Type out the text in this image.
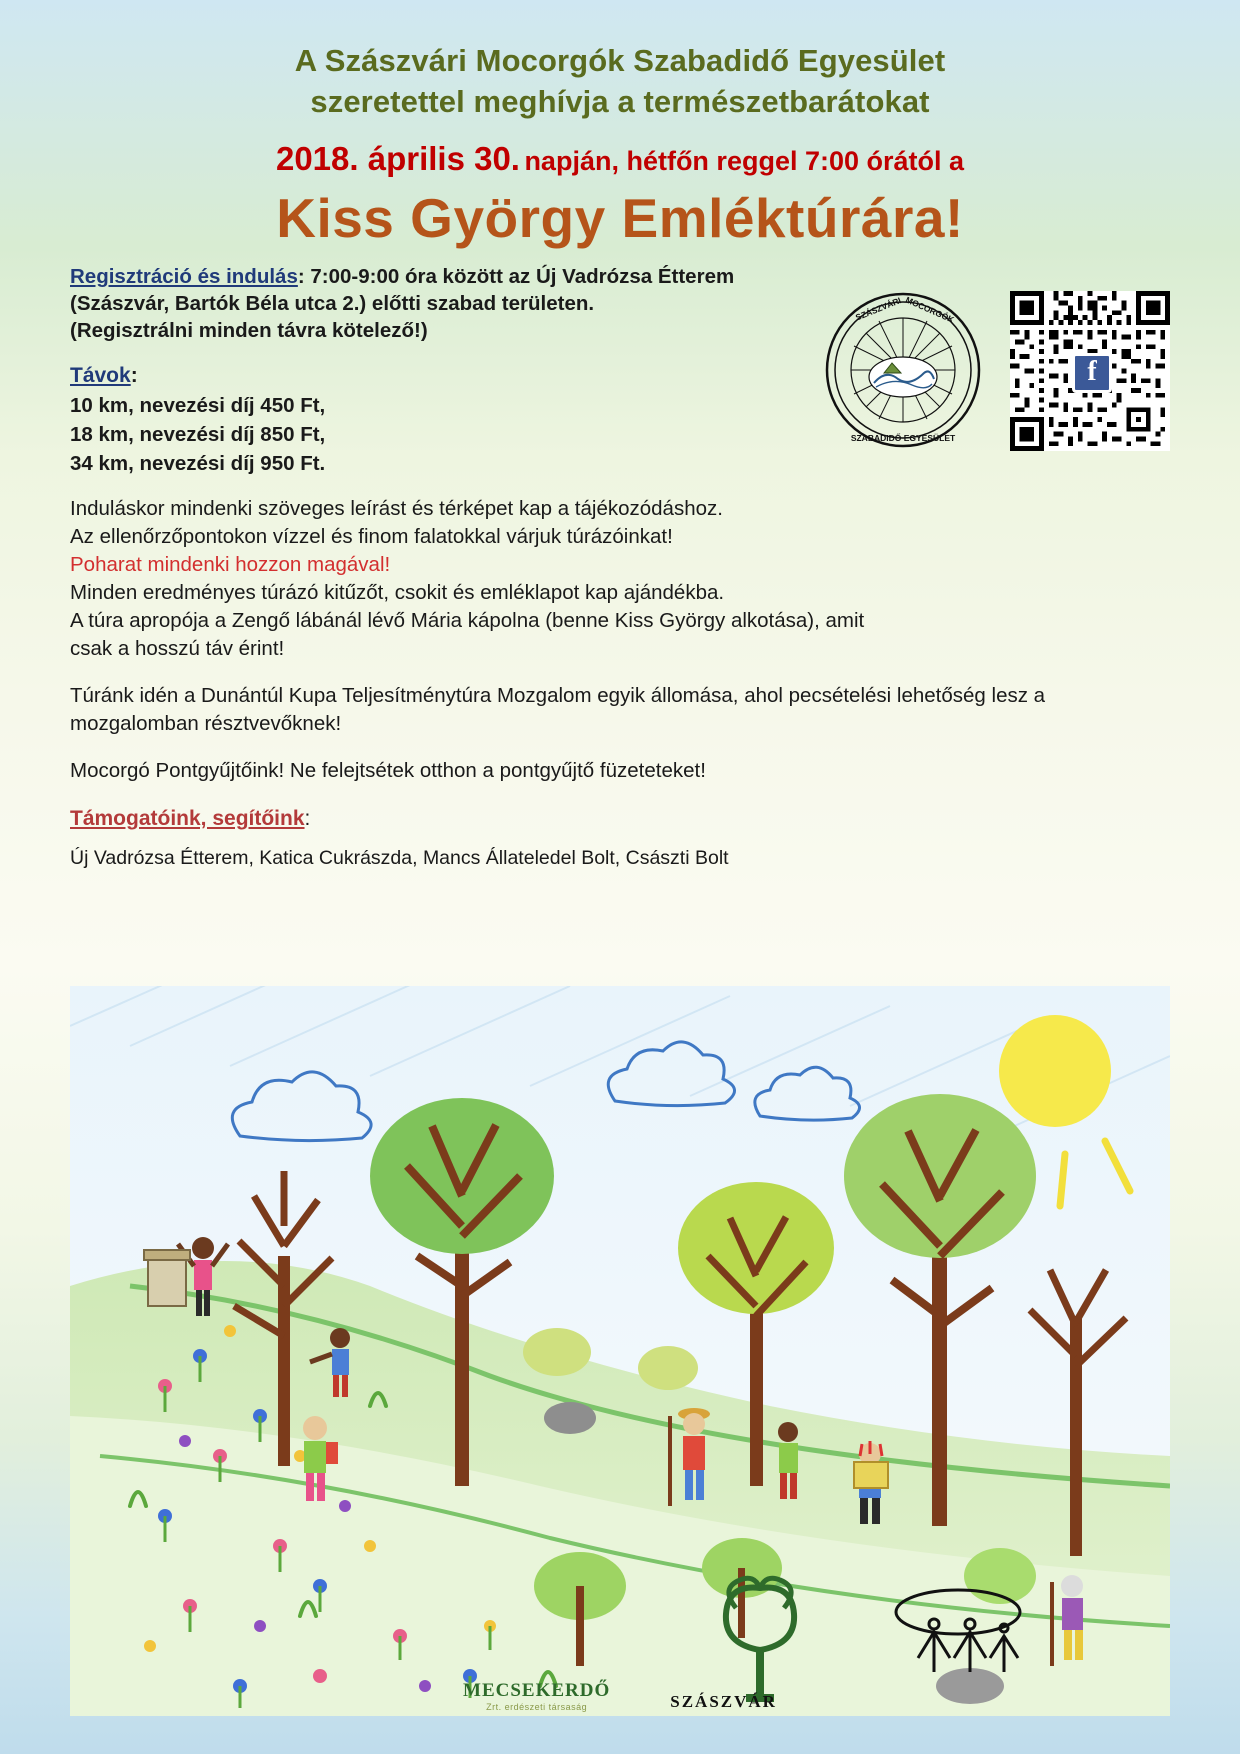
A Szászvári Mocorgók Szabadidő Egyesület
szeretettel meghívja a természetbarátokat
2018. április 30. napján, hétfőn reggel 7:00 órától a
Kiss György Emléktúrára!
SZÁSZVÁRI MOCORGÓK
SZABADIDŐ EGYESÜLET
f
Regisztráció és indulás: 7:00-9:00 óra között az Új Vadrózsa Étterem
(Szászvár, Bartók Béla utca 2.) előtti szabad területen.
(Regisztrálni minden távra kötelező!)
Távok:
10 km, nevezési díj 450 Ft,
18 km, nevezési díj 850 Ft,
34 km, nevezési díj 950 Ft.
Induláskor mindenki szöveges leírást és térképet kap a tájékozódáshoz.
Az ellenőrzőpontokon vízzel és finom falatokkal várjuk túrázóinkat!
Poharat mindenki hozzon magával!
Minden eredményes túrázó kitűzőt, csokit és emléklapot kap ajándékba.
A túra apropója a Zengő lábánál lévő Mária kápolna (benne Kiss György alkotása), amit
csak a hosszú táv érint!
Túránk idén a Dunántúl Kupa Teljesítménytúra Mozgalom egyik állomása, ahol pecsételési lehetőség lesz a mozgalomban résztvevőknek!
Mocorgó Pontgyűjtőink! Ne felejtsétek otthon a pontgyűjtő füzeteteket!
Támogatóink, segítőink:
Új Vadrózsa Étterem, Katica Cukrászda, Mancs Állateledel Bolt, Császti Bolt
MECSEKERDŐ
Zrt. erdészeti társaság	SZÁSZVÁR
